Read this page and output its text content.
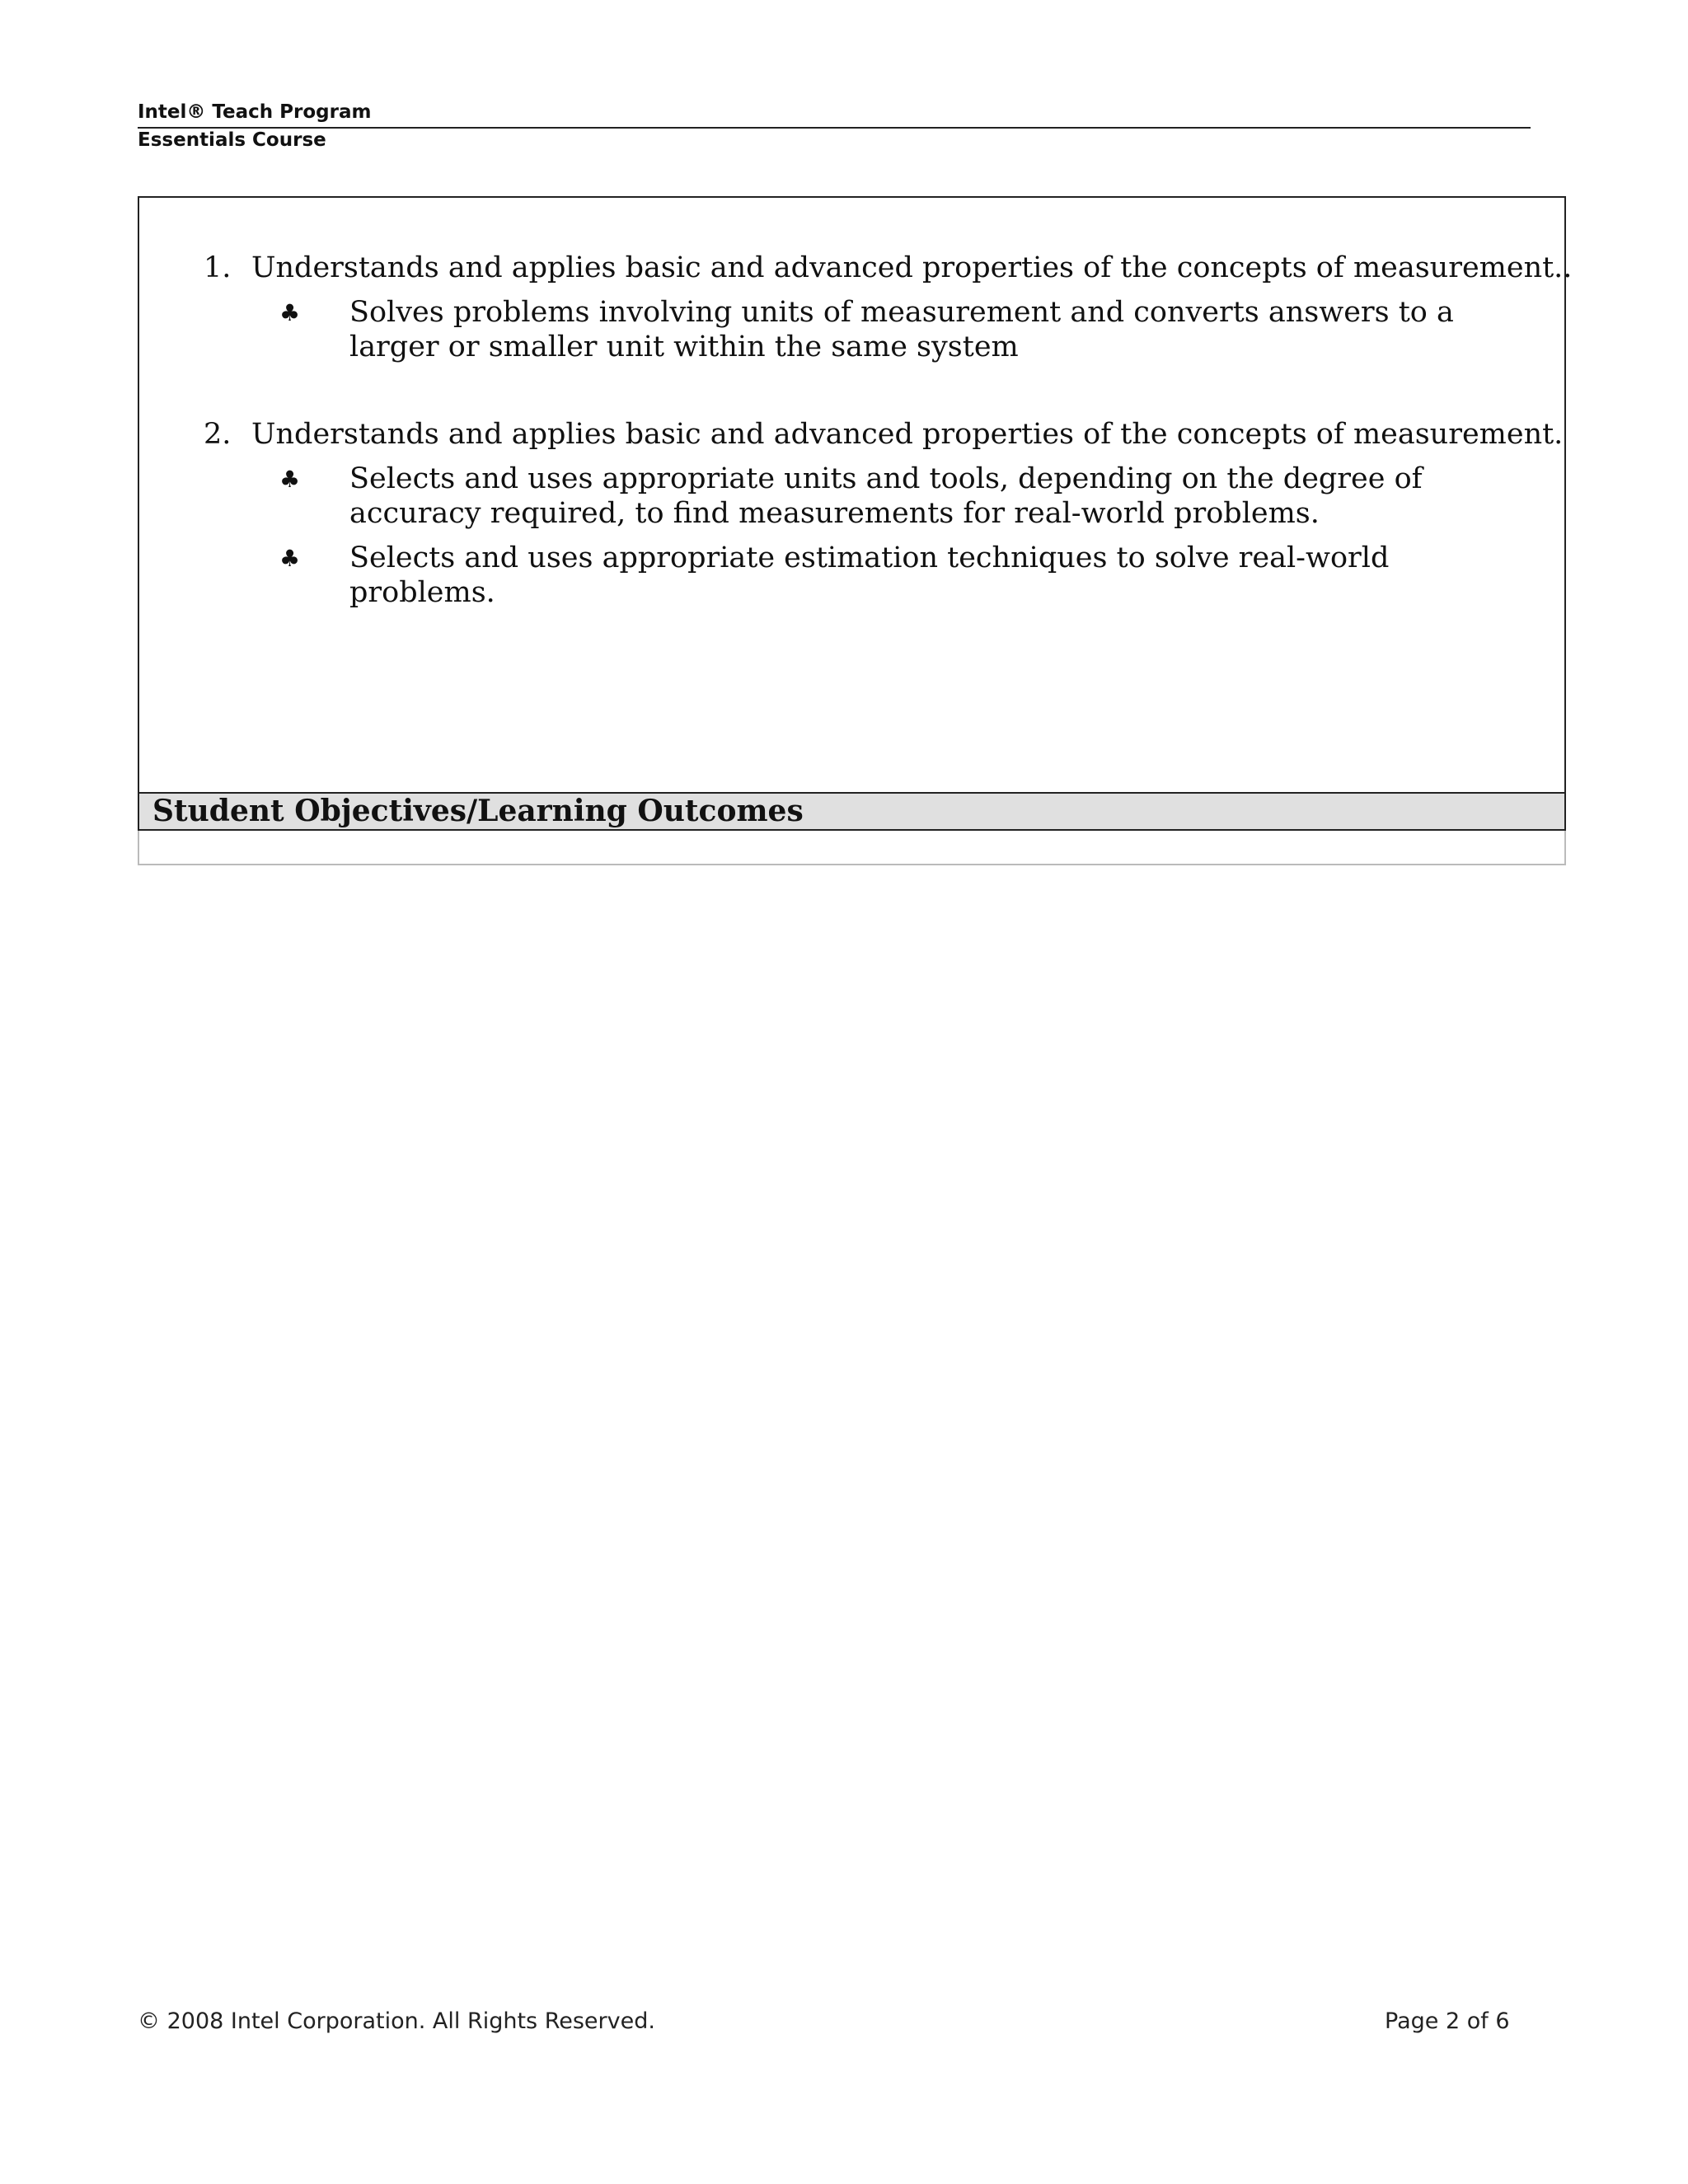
Intel® Teach Program
Essentials Course
1. Understands and applies basic and advanced properties of the concepts of measurement..
♣ Solves problems involving units of measurement and converts answers to a larger or smaller unit within the same system
2. Understands and applies basic and advanced properties of the concepts of measurement.
♣ Selects and uses appropriate units and tools, depending on the degree of accuracy required, to find measurements for real-world problems.
♣ Selects and uses appropriate estimation techniques to solve real-world problems.
Student Objectives/Learning Outcomes
© 2008 Intel Corporation. All Rights Reserved.	Page 2 of 6
